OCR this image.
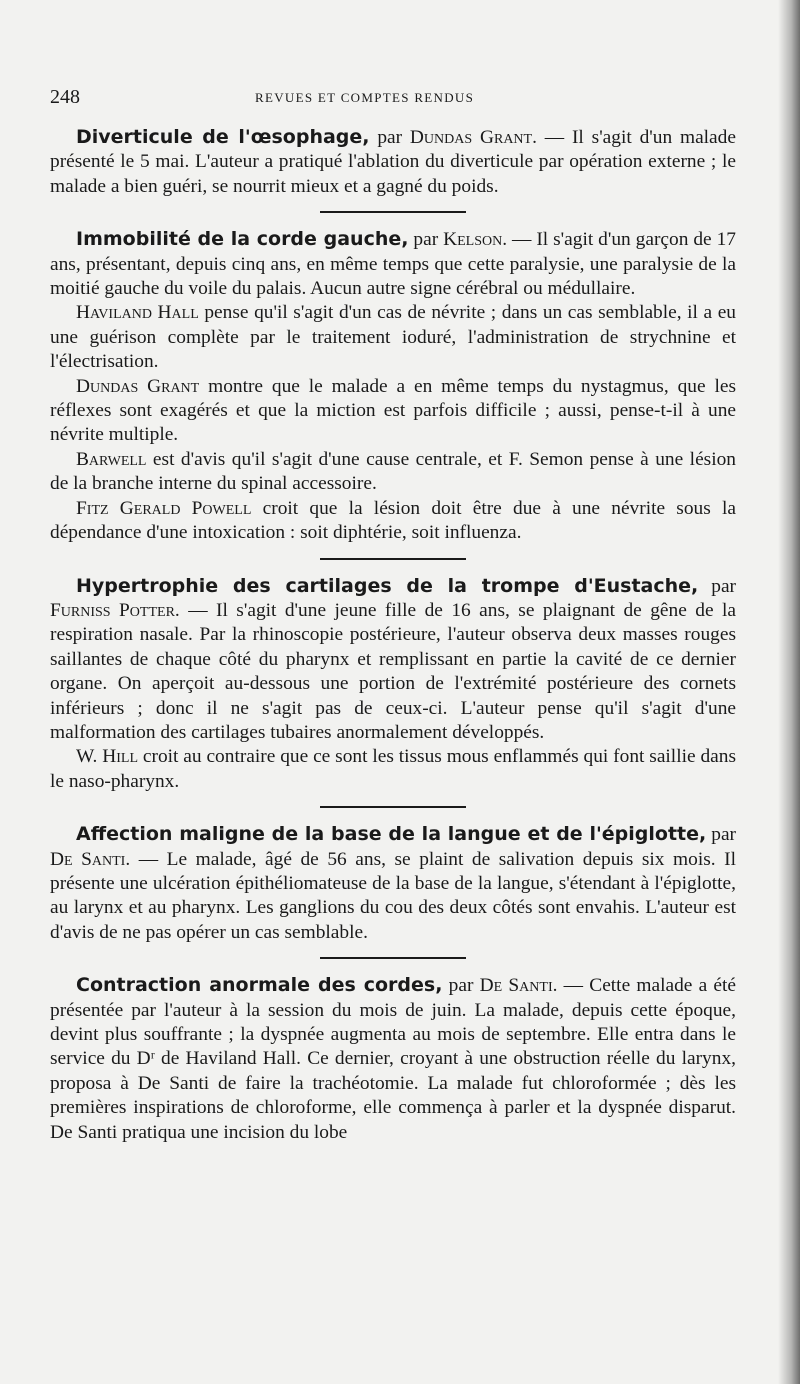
248	REVUES ET COMPTES RENDUS

Diverticule de l'œsophage, par Dundas Grant. — Il s'agit d'un malade présenté le 5 mai. L'auteur a pratiqué l'ablation du diverticule par opération externe ; le malade a bien guéri, se nourrit mieux et a gagné du poids.

Immobilité de la corde gauche, par Kelson. — Il s'agit d'un garçon de 17 ans, présentant, depuis cinq ans, en même temps que cette paralysie, une paralysie de la moitié gauche du voile du palais. Aucun autre signe cérébral ou médullaire.

Haviland Hall pense qu'il s'agit d'un cas de névrite ; dans un cas semblable, il a eu une guérison complète par le traitement ioduré, l'administration de strychnine et l'électrisation.

Dundas Grant montre que le malade a en même temps du nystagmus, que les réflexes sont exagérés et que la miction est parfois difficile ; aussi, pense-t-il à une névrite multiple.

Barwell est d'avis qu'il s'agit d'une cause centrale, et F. Semon pense à une lésion de la branche interne du spinal accessoire.

Fitz Gerald Powell croit que la lésion doit être due à une névrite sous la dépendance d'une intoxication : soit diphtérie, soit influenza.

Hypertrophie des cartilages de la trompe d'Eustache, par Furniss Potter. — Il s'agit d'une jeune fille de 16 ans, se plaignant de gêne de la respiration nasale. Par la rhinoscopie postérieure, l'auteur observa deux masses rouges saillantes de chaque côté du pharynx et remplissant en partie la cavité de ce dernier organe. On aperçoit au-dessous une portion de l'extrémité postérieure des cornets inférieurs ; donc il ne s'agit pas de ceux-ci. L'auteur pense qu'il s'agit d'une malformation des cartilages tubaires anormalement développés.

W. Hill croit au contraire que ce sont les tissus mous enflammés qui font saillie dans le naso-pharynx.

Affection maligne de la base de la langue et de l'épiglotte, par De Santi. — Le malade, âgé de 56 ans, se plaint de salivation depuis six mois. Il présente une ulcération épithéliomateuse de la base de la langue, s'étendant à l'épiglotte, au larynx et au pharynx. Les ganglions du cou des deux côtés sont envahis. L'auteur est d'avis de ne pas opérer un cas semblable.

Contraction anormale des cordes, par De Santi. — Cette malade a été présentée par l'auteur à la session du mois de juin. La malade, depuis cette époque, devint plus souffrante ; la dyspnée augmenta au mois de septembre. Elle entra dans le service du Dʳ de Haviland Hall. Ce dernier, croyant à une obstruction réelle du larynx, proposa à De Santi de faire la trachéotomie. La malade fut chloroformée ; dès les premières inspirations de chloroforme, elle commença à parler et la dyspnée disparut. De Santi pratiqua une incision du lobe
